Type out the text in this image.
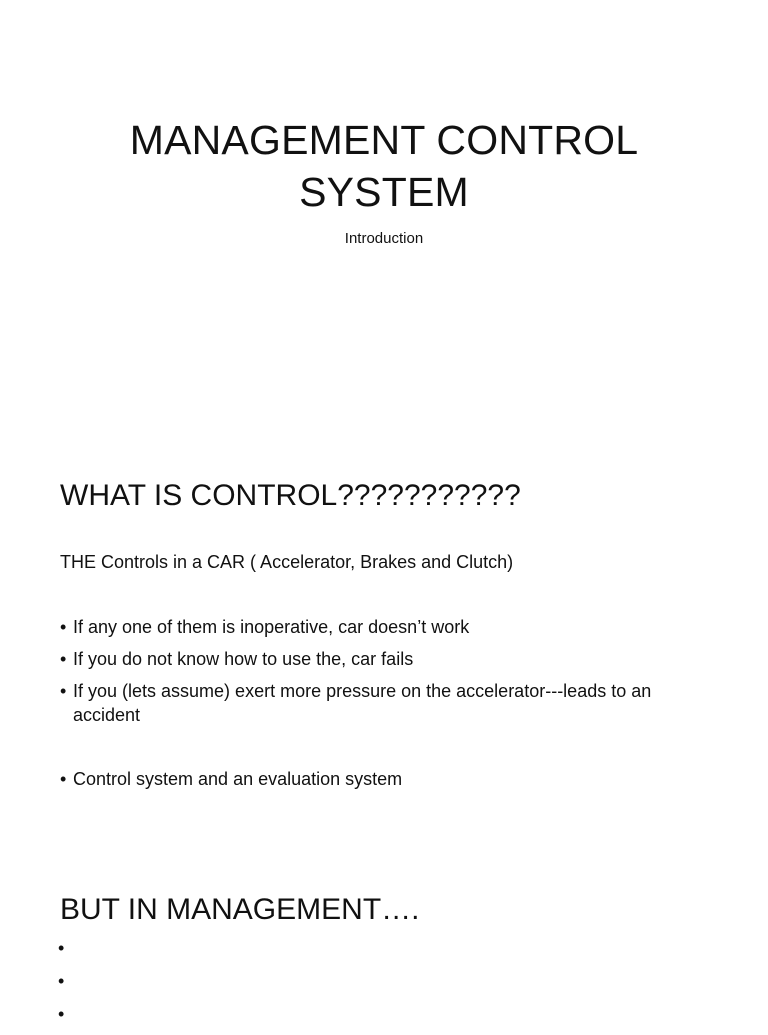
MANAGEMENT CONTROL
SYSTEM
Introduction
WHAT IS CONTROL???????????
THE Controls in a CAR ( Accelerator, Brakes and Clutch)
• If any one of them is inoperative, car doesn’t work
• If you do not know how to use the, car fails
• If you (lets assume) exert more pressure on the accelerator---leads to an accident
• Control system and an evaluation system
BUT IN MANAGEMENT….
•
•
•
